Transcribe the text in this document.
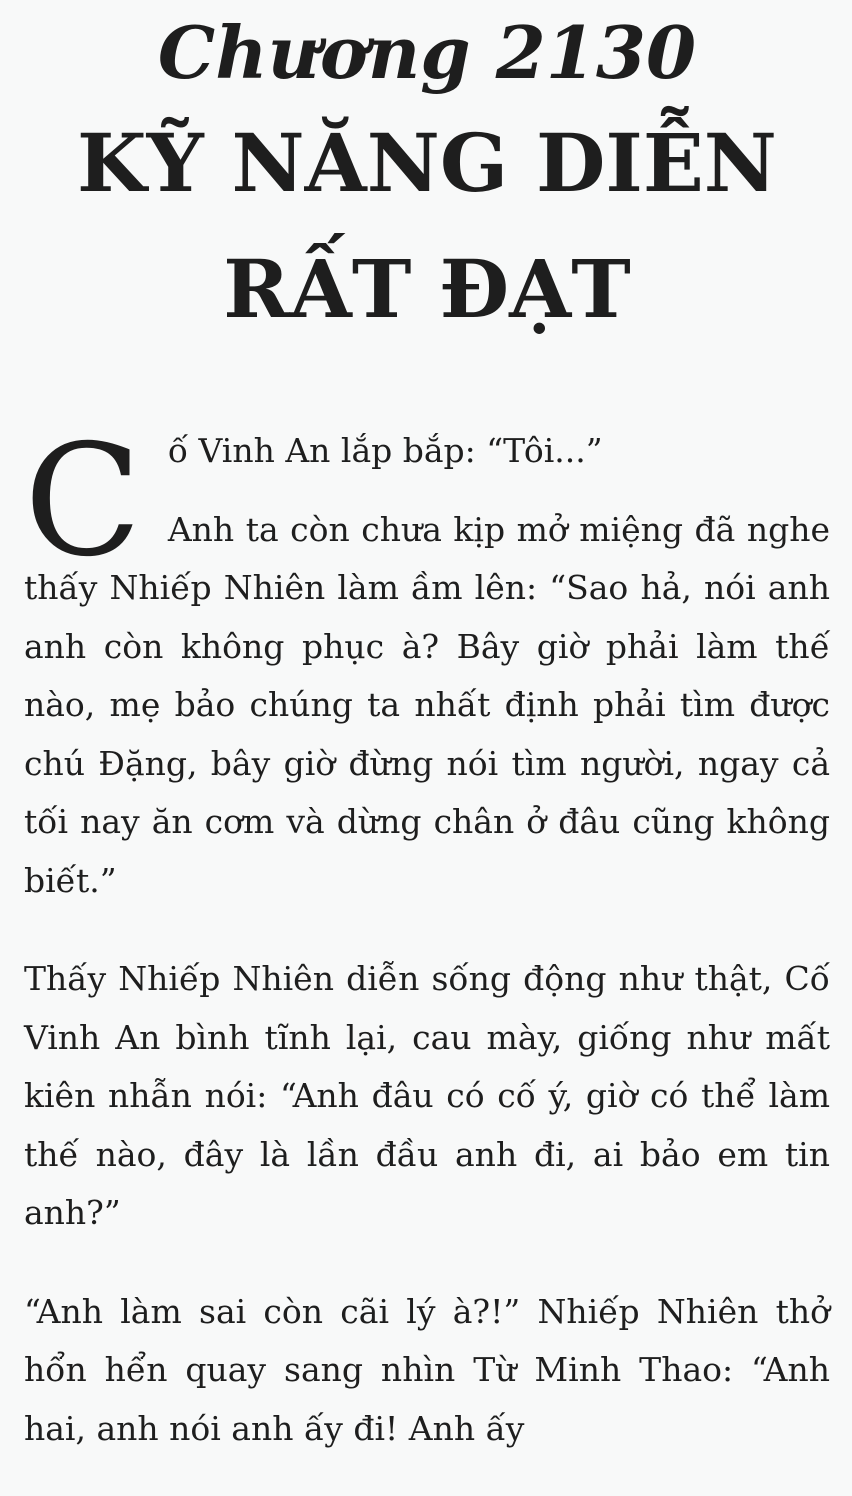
Chương 2130
KỸ NĂNG DIỄN RẤT ĐẠT

Cố Vinh An lắp bắp: “Tôi...”

Anh ta còn chưa kịp mở miệng đã nghe thấy Nhiếp Nhiên làm ầm lên: “Sao hả, nói anh anh còn không phục à? Bây giờ phải làm thế nào, mẹ bảo chúng ta nhất định phải tìm được chú Đặng, bây giờ đừng nói tìm người, ngay cả tối nay ăn cơm và dừng chân ở đâu cũng không biết.”

Thấy Nhiếp Nhiên diễn sống động như thật, Cố Vinh An bình tĩnh lại, cau mày, giống như mất kiên nhẫn nói: “Anh đâu có cố ý, giờ có thể làm thế nào, đây là lần đầu anh đi, ai bảo em tin anh?”

“Anh làm sai còn cãi lý à?!” Nhiếp Nhiên thở hổn hển quay sang nhìn Từ Minh Thao: “Anh hai, anh nói anh ấy đi! Anh ấy
